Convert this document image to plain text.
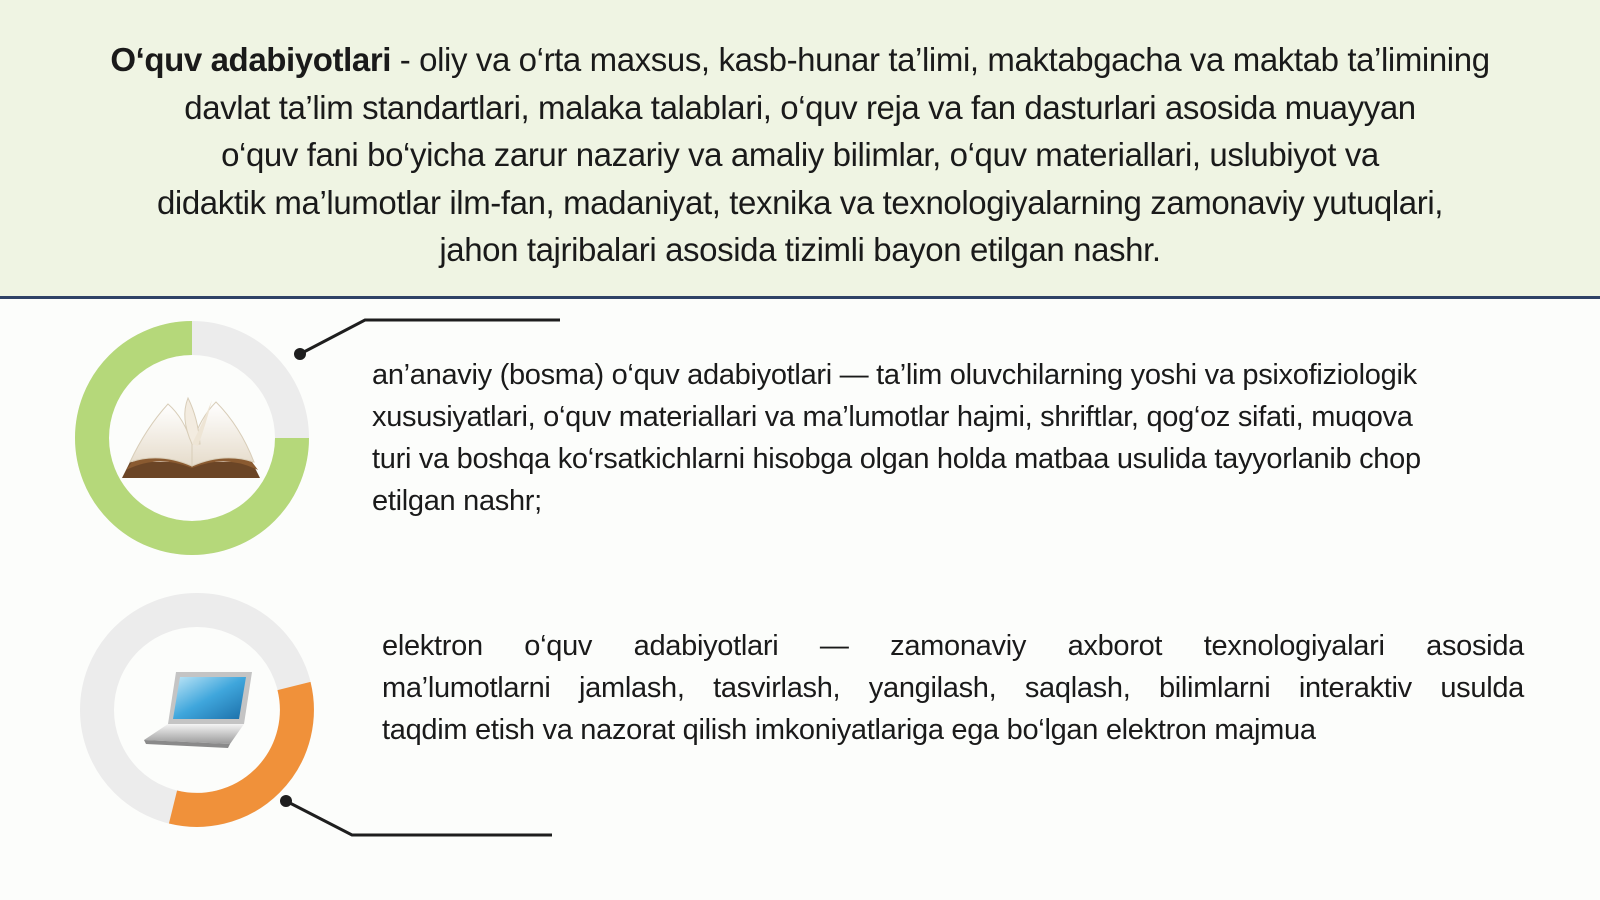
O‘quv adabiyotlari - oliy va o‘rta maxsus, kasb-hunar ta’limi, maktabgacha va maktab ta’limining
davlat ta’lim standartlari, malaka talablari, o‘quv reja va fan dasturlari asosida muayyan
o‘quv fani bo‘yicha zarur nazariy va amaliy bilimlar, o‘quv materiallari, uslubiyot va
didaktik ma’lumotlar ilm-fan, madaniyat, texnika va texnologiyalarning zamonaviy yutuqlari,
jahon tajribalari asosida tizimli bayon etilgan nashr.
an’anaviy (bosma) o‘quv adabiyotlari — ta’lim oluvchilarning yoshi va psixofiziologik
xususiyatlari, o‘quv materiallari va ma’lumotlar hajmi, shriftlar, qog‘oz sifati, muqova
turi va boshqa ko‘rsatkichlarni hisobga olgan holda matbaa usulida tayyorlanib chop
etilgan nashr;
elektron o‘quv adabiyotlari — zamonaviy axborot texnologiyalari asosida
ma’lumotlarni jamlash, tasvirlash, yangilash, saqlash, bilimlarni interaktiv usulda
taqdim etish va nazorat qilish imkoniyatlariga ega bo‘lgan elektron majmua
